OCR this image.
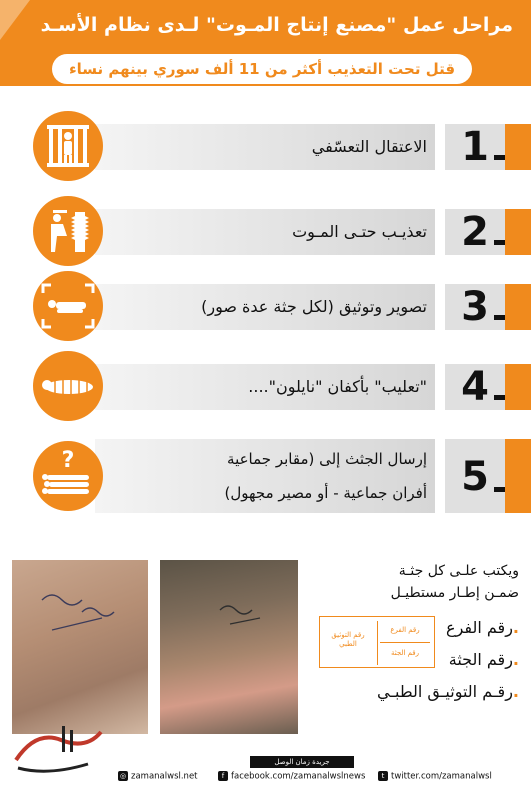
مراحل عمل "مصنع إنتاج المـوت" لـدى نظام الأسـد
قتل تحت التعذيب أكثر من 11 ألف سوري بينهم نساء
الاعتقال التعسّفي 1
تعذيـب حتـى المـوت 2
تصوير وتوثيق (لكل جثة عدة صور) 3
"تعليب" بأكفان "نايلون".... 4
إرسال الجثث إلى (مقابر جماعية
أفران جماعية - أو مصير مجهول) 5
?
ويكتب علـى كل جثـة
ضمـن إطـار مستطيـل
رقم الفرع
رقم الجثة
رقم التوثيق الطبي
.رقم الفرع
.رقم الجثة
.رقـم التوثيـق الطبـي
جريدة زمان الوصل
◎ zamanalwsl.net	f facebook.com/zamanalwslnews	t twitter.com/zamanalwsl
